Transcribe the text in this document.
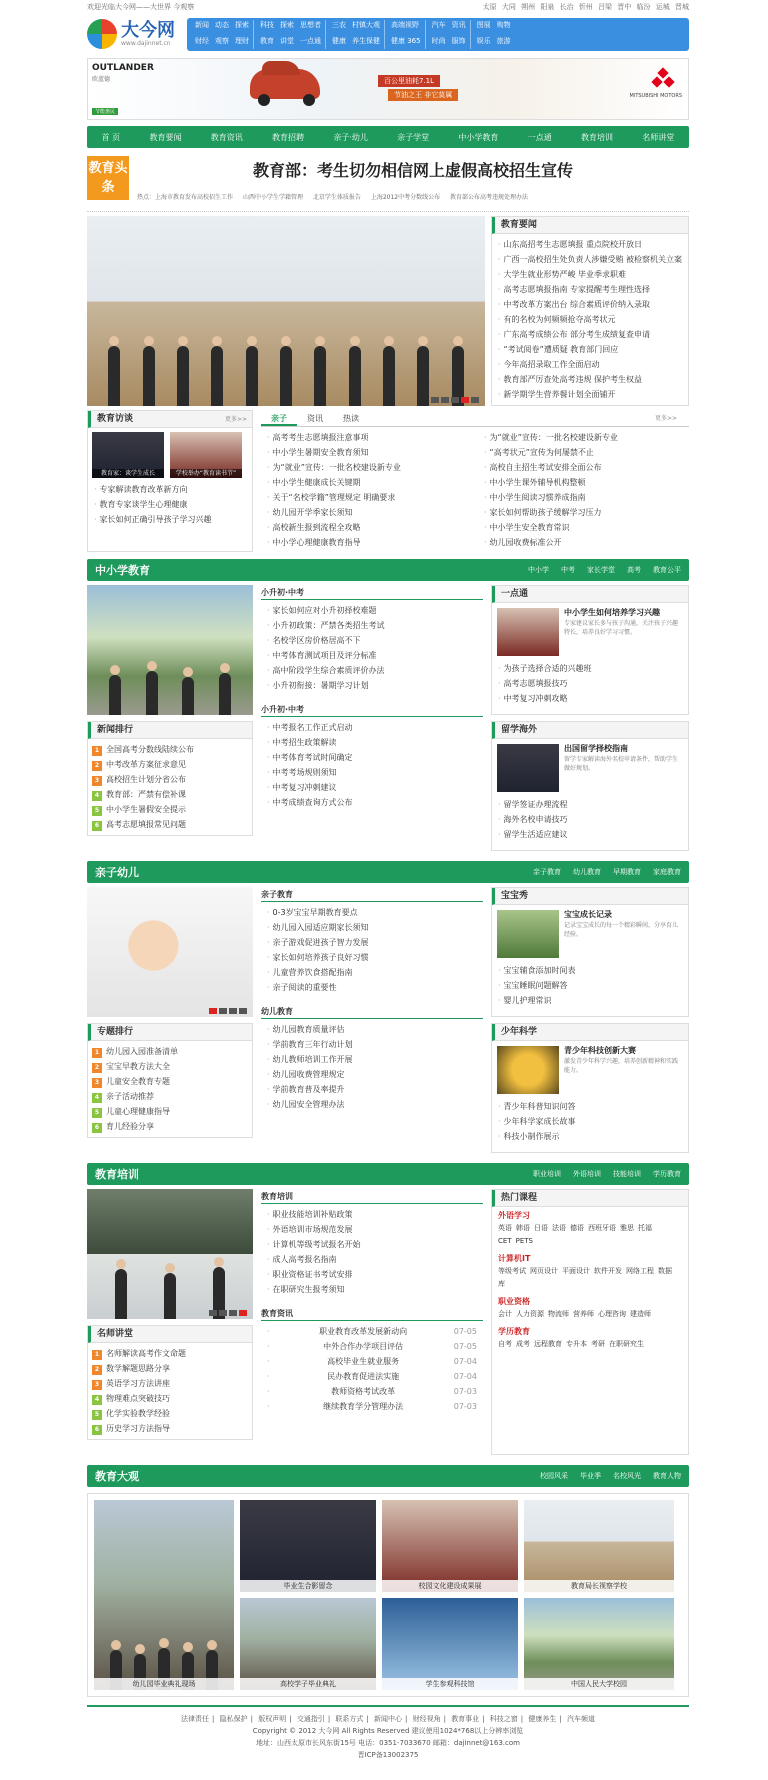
欢迎光临大今网——大世界 今观察	太原 大同 朔州 阳泉 长治 忻州 吕梁 晋中 临汾 运城 晋城
大今网
www.dajinnet.cn
新闻 动态 探索
财经 观察 理财
科技 探索 思想者
教育 讲堂 一点通
三农 村镇大观
健康 养生保健
高端视野
健康 365
汽车 资讯
时尚 服饰
图展 购物
娱乐 旅游
OUTLANDER
欧蓝德	百公里油耗7.1L
节油之王 非它莫属	MITSUBISHI MOTORS
节能惠民
首 页	教育要闻	教育资讯	教育招聘	亲子·幼儿	亲子学堂	中小学教育	一点通	教育培训	名师讲堂
教育头条
教育部：考生切勿相信网上虚假高校招生宣传
热点：上海市教育发布高校招生工作 山西中小学生学籍管理 北京学生体质报告 上海2012中考分数线公布 教育部公布高考违规处理办法
教育要闻
· 山东高招考生志愿填报 重点院校开放日
· 广西一高校招生处负责人涉嫌受贿 被检察机关立案
· 大学生就业形势严峻 毕业季求职难
· 高考志愿填报指南 专家提醒考生理性选择
· 中考改革方案出台 综合素质评价纳入录取
· 有的名校为何频频抢夺高考状元
· 广东高考成绩公布 部分考生成绩复查申请
· “考试阅卷”遭质疑 教育部门回应
· 今年高招录取工作全面启动
· 教育部严厉查处高考违规 保护考生权益
· 新学期学生营养餐计划全面铺开
教育访谈	更多>>
教育家：谈学生成长	学校举办“教育读书节”
· 专家解读教育改革新方向
· 教育专家谈学生心理健康
· 家长如何正确引导孩子学习兴趣
亲子	资讯	热读	更多>>
· 高考考生志愿填报注意事项
· 中小学生暑期安全教育须知
· 为“就业”宣传：一批名校建设新专业
· 中小学生健康成长关键期
· 关于“名校学籍”管理规定 明确要求
· 幼儿园开学季家长须知
· 高校新生报到流程全攻略
· 中小学心理健康教育指导
· 为“就业”宣传：一批名校建设新专业
· “高考状元”宣传为何屡禁不止
· 高校自主招生考试安排全面公布
· 中小学生课外辅导机构整顿
· 中小学生阅读习惯养成指南
· 家长如何帮助孩子缓解学习压力
· 中小学生安全教育常识
· 幼儿园收费标准公开
中小学教育	中小学 中考 家长学堂 高考 教育公平
新闻排行
1 全国高考分数线陆续公布
2 中考改革方案征求意见
3 高校招生计划分省公布
4 教育部：严禁有偿补课
5 中小学生暑假安全提示
6 高考志愿填报常见问题
小升初·中考
· 家长如何应对小升初择校难题
· 小升初政策：严禁各类招生考试
· 名校学区房价格居高不下
· 中考体育测试项目及评分标准
· 高中阶段学生综合素质评价办法
· 小升初衔接：暑期学习计划
小升初·中考
· 中考报名工作正式启动
· 中考招生政策解读
· 中考体育考试时间确定
· 中考考场规则须知
· 中考复习冲刺建议
· 中考成绩查询方式公布
一点通
中小学生如何培养学习兴趣
专家建议家长多与孩子沟通，关注孩子兴趣特长，培养良好学习习惯。
· 为孩子选择合适的兴趣班
· 高考志愿填报技巧
· 中考复习冲刺攻略
留学海外
出国留学择校指南
留学专家解读海外名校申请条件，帮助学生做好规划。
· 留学签证办理流程
· 海外名校申请技巧
· 留学生活适应建议
亲子幼儿	亲子教育 幼儿教育 早期教育 家庭教育
专题排行
1 幼儿园入园准备清单
2 宝宝早教方法大全
3 儿童安全教育专题
4 亲子活动推荐
5 儿童心理健康指导
6 育儿经验分享
亲子教育
· 0-3岁宝宝早期教育要点
· 幼儿园入园适应期家长须知
· 亲子游戏促进孩子智力发展
· 家长如何培养孩子良好习惯
· 儿童营养饮食搭配指南
· 亲子阅读的重要性
幼儿教育
· 幼儿园教育质量评估
· 学前教育三年行动计划
· 幼儿教师培训工作开展
· 幼儿园收费管理规定
· 学前教育普及率提升
· 幼儿园安全管理办法
宝宝秀
宝宝成长记录
记录宝宝成长的每一个精彩瞬间，分享育儿经验。
· 宝宝辅食添加时间表
· 宝宝睡眠问题解答
· 婴儿护理常识
少年科学
青少年科技创新大赛
激发青少年科学兴趣，培养创新精神和实践能力。
· 青少年科普知识问答
· 少年科学家成长故事
· 科技小制作展示
教育培训	职业培训 外语培训 技能培训 学历教育
名师讲堂
1 名师解读高考作文命题
2 数学解题思路分享
3 英语学习方法讲座
4 物理难点突破技巧
5 化学实验教学经验
6 历史学习方法指导
教育培训
· 职业技能培训补贴政策
· 外语培训市场规范发展
· 计算机等级考试报名开始
· 成人高考报名指南
· 职业资格证书考试安排
· 在职研究生报考须知
教育资讯
· 职业教育改革发展新动向	07-05
· 中外合作办学项目评估	07-05
· 高校毕业生就业服务	07-04
· 民办教育促进法实施	07-04
· 教师资格考试改革	07-03
· 继续教育学分管理办法	07-03
热门课程
外语学习
英语 韩语 日语 法语 德语 西班牙语 雅思 托福CET PETS
计算机IT
等级考试 网页设计 平面设计 软件开发 网络工程 数据库
职业资格
会计 人力资源 物流师 营养师 心理咨询 建造师
学历教育
自考 成考 远程教育 专升本 考研 在职研究生
教育大观	校园风采 毕业季 名校风光 教育人物
幼儿园毕业典礼现场
毕业生合影留念	校园文化建设成果展	教育局长视察学校
高校学子毕业典礼	学生参观科技馆	中国人民大学校园
法律责任 | 隐私保护 | 版权声明 | 交通指引 | 联系方式 | 新闻中心 | 财经视角 | 教育事业 | 科技之窗 | 健康养生 | 汽车频道
Copyright © 2012 大今网 All Rights Reserved 建议使用1024*768以上分辨率浏览
地址：山西太原市长风东街15号 电话：0351-7033670 邮箱：dajinnet@163.com
晋ICP备13002375
